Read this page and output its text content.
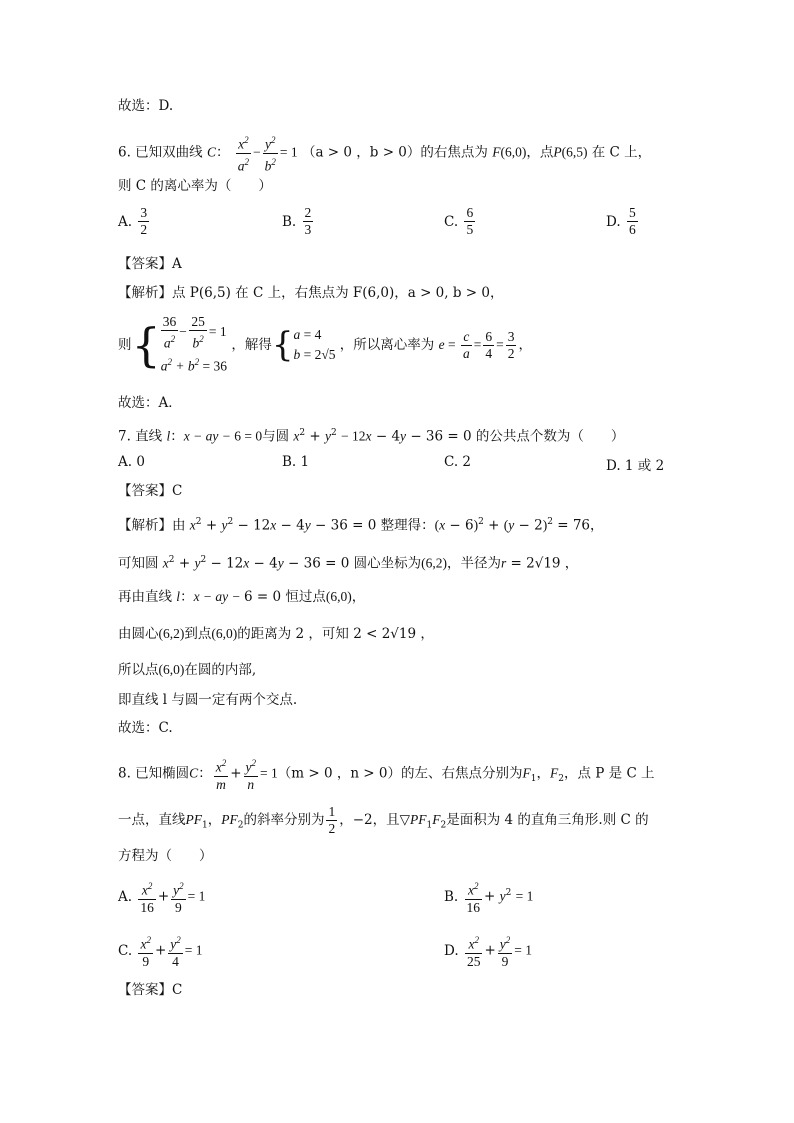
故选：D.
6. 已知双曲线 C： $\frac{x^2}{a^2} - \frac{y^2}{b^2} = 1$ （a > 0 ，b > 0）的右焦点为 F(6,0)，点P(6,5) 在 C 上，
则 C 的离心率为（　　）
A. $\frac{3}{2}$	B. $\frac{2}{3}$	C. $\frac{6}{5}$	D. $\frac{5}{6}$
【答案】A
【解析】点 P(6,5) 在 C 上，右焦点为 F(6,0)，a > 0, b > 0，
则{ $\frac{36}{a^2} - \frac{25}{b^2} = 1$
$a^2 + b^2 = 36$ ，解得{a = 4
b = 2√5 ，所以离心率为 $e = \frac{c}{a} = \frac{6}{4} = \frac{3}{2}$ ，
故选：A．
7. 直线 l：x − ay − 6 = 0与圆 $x^2 + y^2 - 12x - 4y - 36 = 0$ 的公共点个数为（　　）
A. 0	B. 1	C. 2	D. 1 或 2
【答案】C
【解析】由 $x^2 + y^2 - 12x - 4y - 36 = 0$ 整理得：$(x - 6)^2 + (y - 2)^2 = 76$，
可知圆 $x^2 + y^2 - 12x - 4y - 36 = 0$ 圆心坐标为(6,2)，半径为r = 2√19 ，
再由直线 l：x − ay − 6 = 0 恒过点(6,0)，
由圆心(6,2)到点(6,0)的距离为 2 ，可知 2 < 2√19 ，
所以点(6,0)在圆的内部,
即直线 l 与圆一定有两个交点.
故选：C.
8. 已知椭圆C： $\frac{x^2}{m} + \frac{y^2}{n} = 1(m > 0$ ，n > 0）的左、右焦点分别为$F_1$，$F_2$，点 P 是 C 上
一点，直线$PF_1$，$PF_2$的斜率分别为 $\frac{1}{2}$ ，−2，且$▽PF_1F_2$是面积为 4 的直角三角形.则 C 的
方程为（　　）
A. $\frac{x^2}{16} + \frac{y^2}{9} = 1$	B. $\frac{x^2}{16} + y^2 = 1$
C. $\frac{x^2}{9} + \frac{y^2}{4} = 1$	D. $\frac{x^2}{25} + \frac{y^2}{9} = 1$
【答案】C
